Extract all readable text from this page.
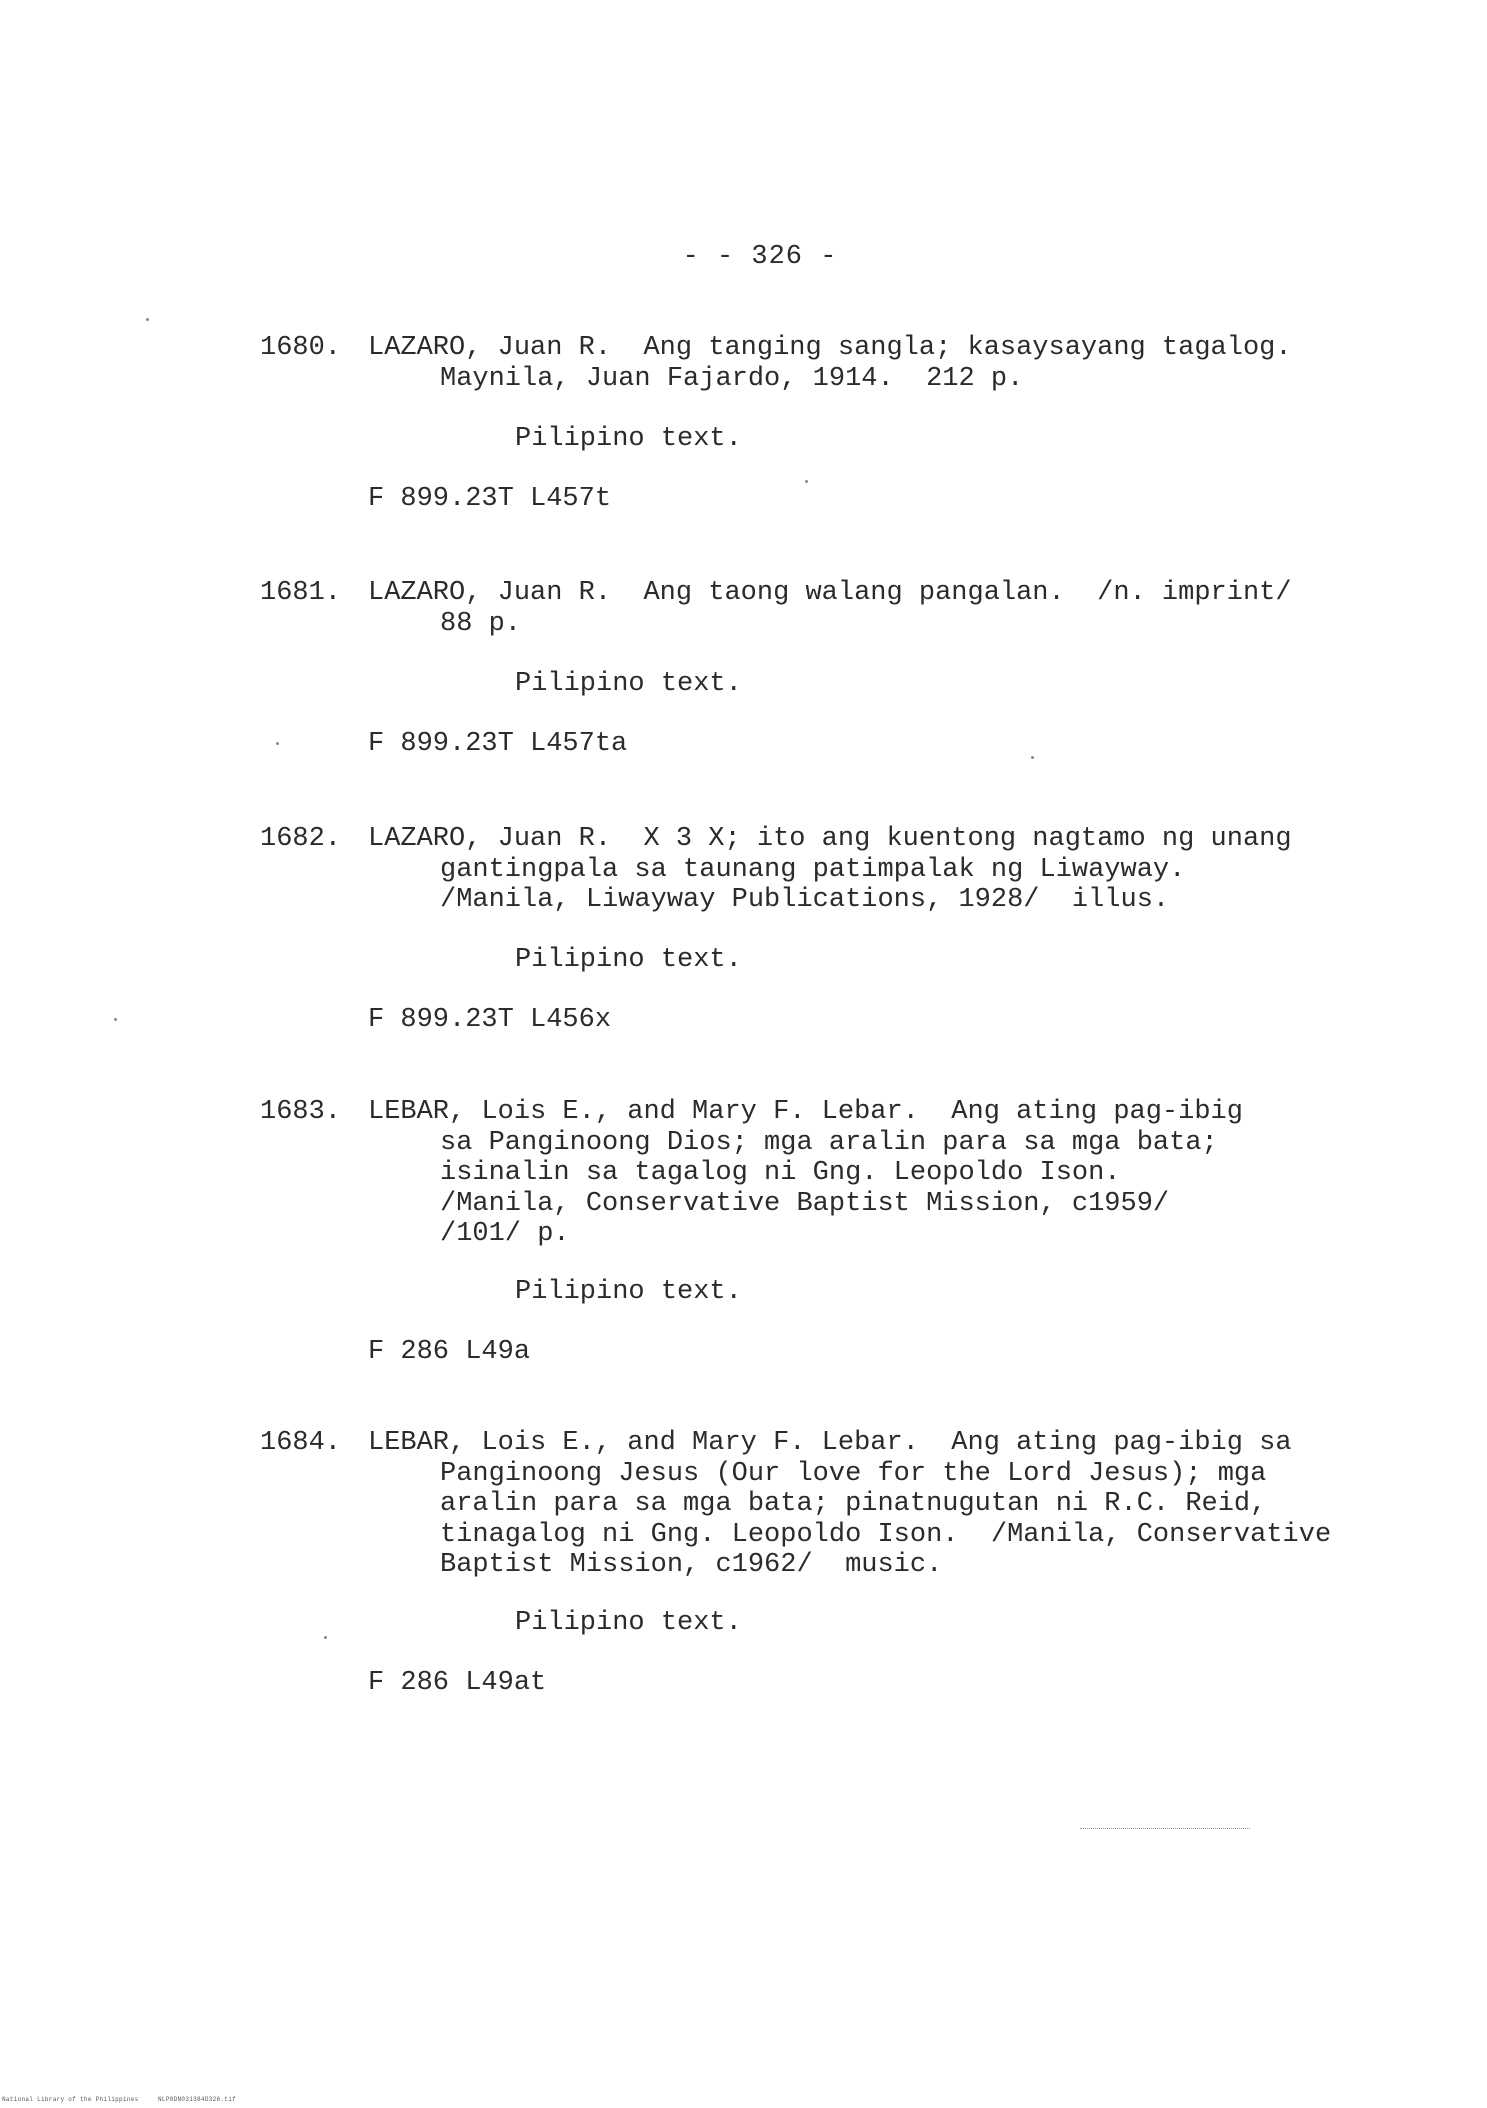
- - 326 -
1680. LAZARO, Juan R.  Ang tanging sangla; kasaysayang tagalog.
Maynila, Juan Fajardo, 1914.  212 p.
Pilipino text.
F 899.23T L457t
1681. LAZARO, Juan R.  Ang taong walang pangalan.  /n. imprint/
88 p.
Pilipino text.
F 899.23T L457ta
1682. LAZARO, Juan R.  X 3 X; ito ang kuentong nagtamo ng unang
gantingpala sa taunang patimpalak ng Liwayway.
/Manila, Liwayway Publications, 1928/  illus.
Pilipino text.
F 899.23T L456x
1683. LEBAR, Lois E., and Mary F. Lebar.  Ang ating pag-ibig
sa Panginoong Dios; mga aralin para sa mga bata;
isinalin sa tagalog ni Gng. Leopoldo Ison.
/Manila, Conservative Baptist Mission, c1959/
/101/ p.
Pilipino text.
F 286 L49a
1684. LEBAR, Lois E., and Mary F. Lebar.  Ang ating pag-ibig sa
Panginoong Jesus (Our love for the Lord Jesus); mga
aralin para sa mga bata; pinatnugutan ni R.C. Reid,
tinagalog ni Gng. Leopoldo Ison.  /Manila, Conservative
Baptist Mission, c1962/  music.
Pilipino text.
F 286 L49at
National Library of the Philippines     NLP0DN031384D326.tif
